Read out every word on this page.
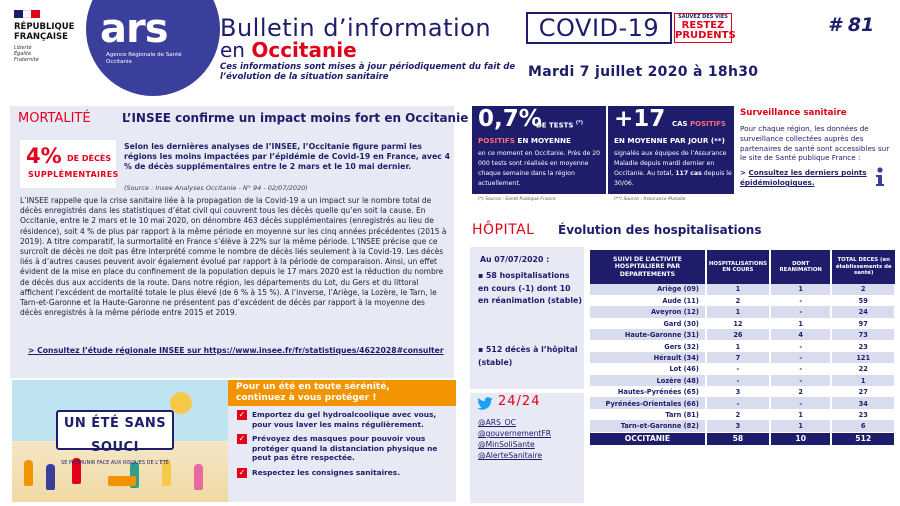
RÉPUBLIQUE
FRANÇAISE
Liberté
Égalité
Fraternité
ars
Agence Régionale de Santé
Occitanie
Bulletin d’information	COVID-19	SAUVEZ DES VIES
RESTEZ
PRUDENTS
en Occitanie
Ces informations sont mises à jour périodiquement du fait de l’évolution de la situation sanitaire
# 81
Mardi 7 juillet 2020 à 18h30
MORTALITÉ	L’INSEE confirme un impact moins fort en Occitanie
4% DE DÉCÈS
SUPPLÉMENTAIRES
Selon les dernières analyses de l’INSEE, l’Occitanie figure parmi les régions les moins impactées par l’épidémie de Covid-19 en France, avec 4 % de décès supplémentaires entre le 2 mars et le 10 mai dernier.
(Source : Insee Analyses Occitanie - N° 94 - 02/07/2020)
L’INSEE rappelle que la crise sanitaire liée à la propagation de la Covid-19 a un impact sur le nombre total de décès enregistrés dans les statistiques d’état civil qui couvrent tous les décès quelle qu’en soit la cause. En Occitanie, entre le 2 mars et le 10 mai 2020, on dénombre 463 décès supplémentaires (enregistrés au lieu de résidence), soit 4 % de plus par rapport à la même période en moyenne sur les cinq années précédentes (2015 à 2019). A titre comparatif, la surmortalité en France s’élève à 22% sur la même période. L’INSEE précise que ce surcroît de décès ne doit pas être interprété comme le nombre de décès liés seulement à la Covid-19. Les décès liés à d’autres causes peuvent avoir également évolué par rapport à la période de comparaison. Ainsi, un effet évident de la mise en place du confinement de la population depuis le 17 mars 2020 est la réduction du nombre de décès dus aux accidents de la route. Dans notre région, les départements du Lot, du Gers et du littoral affichent l’excédent de mortalité totale le plus élevé (de 6 % à 15 %). A l’inverse, l’Ariège, la Lozère, le Tarn, le Tarn-et-Garonne et la Haute-Garonne ne présentent pas d’excédent de décès par rapport à la moyenne des décès enregistrés à la même période entre 2015 et 2019.
> Consultez l’étude régionale INSEE sur https://www.insee.fr/fr/statistiques/4622028#consulter
UN ÉTÉ SANS SOUCI
SE PRÉMUNIR FACE AUX RISQUES DE L’ÉTÉ
Pour un été en toute sérénité,
continuez à vous protéger !
✓ Emportez du gel hydroalcoolique avec vous, pour vous laver les mains régulièrement.
✓ Prévoyez des masques pour pouvoir vous protéger quand la distanciation physique ne peut pas être respectée.
✓ Respectez les consignes sanitaires.
0,7%
DE TESTS (*)
POSITIFS EN MOYENNE
en ce moment en Occitanie. Près de 20 000 tests sont réalisés en moyenne chaque semaine dans la région actuellement.
+17 CAS POSITIFS
EN MOYENNE PAR JOUR (**)
signalés aux équipes de l’Assurance Maladie depuis mardi dernier en Occitanie. Au total, 117 cas depuis le 30/06.
(*) Source : Santé Publique France	(**) Source : Assurance Maladie
Surveillance sanitaire
Pour chaque région, les données de surveillance collectées auprès des partenaires de santé sont accessibles sur le site de Santé publique France :
> Consultez les derniers points épidémiologiques.
HÔPITAL Évolution des hospitalisations
Au 07/07/2020 :
▪ 58 hospitalisations en cours (-1) dont 10 en réanimation (stable)
▪ 512 décès à l’hôpital (stable)
24/24
@ARS_OC
@gouvernementFR
@MinSoliSante
@AlerteSanitaire
SUIVI DE L’ACTIVITE HOSPITALIERE PAR DEPARTEMENTS	HOSPITALISATIONS EN COURS	DONT REANIMATION	TOTAL DECES (en établissements de santé)
Ariège (09)	1	1	2
Aude (11)	2	-	59
Aveyron (12)	1	-	24
Gard (30)	12	1	97
Haute-Garonne (31)	26	4	73
Gers (32)	1	-	23
Hérault (34)	7	-	121
Lot (46)	-	-	22
Lozère (48)	-	-	1
Hautes-Pyrénées (65)	3	2	27
Pyrénées-Orientales (66)	-	-	34
Tarn (81)	2	1	23
Tarn-et-Garonne (82)	3	1	6
OCCITANIE	58	10	512
